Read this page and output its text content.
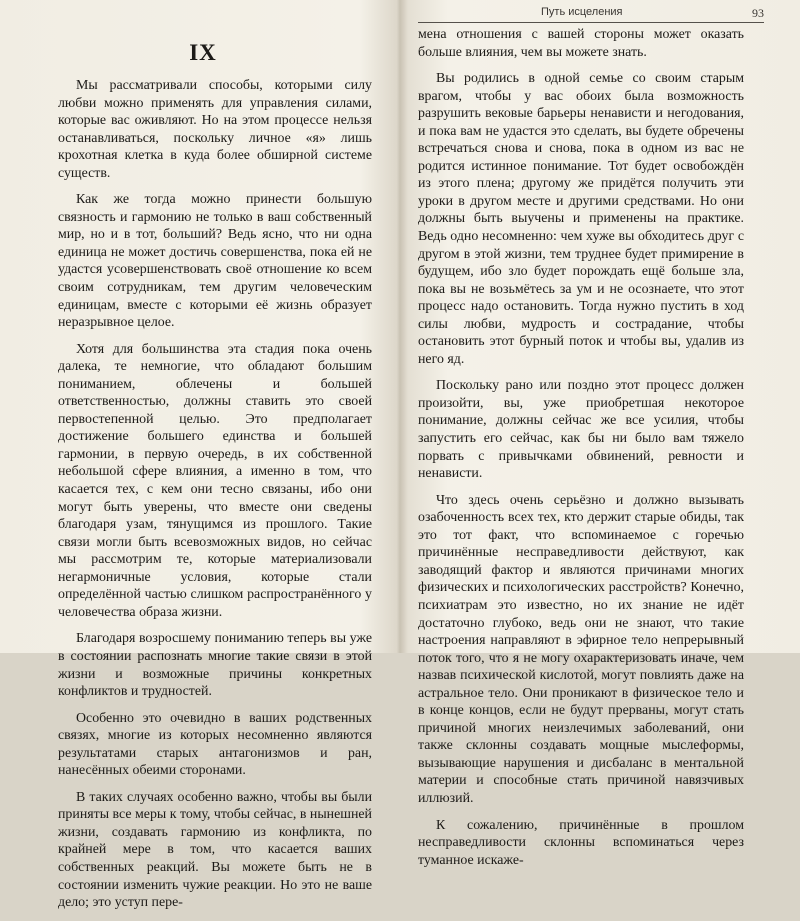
IX

Мы рассматривали способы, которыми силу любви можно применять для управления силами, которые вас оживляют. Но на этом процессе нельзя останавливаться, поскольку личное «я» лишь крохотная клетка в куда более обширной системе существ.

Как же тогда можно принести большую связность и гармонию не только в ваш собственный мир, но и в тот, больший? Ведь ясно, что ни одна единица не может достичь совершенства, пока ей не удастся усовершенствовать своё отношение ко всем своим сотрудникам, тем другим человеческим единицам, вместе с которыми её жизнь образует неразрывное целое.

Хотя для большинства эта стадия пока очень далека, те немногие, что обладают большим пониманием, облечены и большей ответственностью, должны ставить это своей первостепенной целью. Это предполагает достижение большего единства и большей гармонии, в первую очередь, в их собственной небольшой сфере влияния, а именно в том, что касается тех, с кем они тесно связаны, ибо они могут быть уверены, что вместе они сведены благодаря узам, тянущимся из прошлого. Такие связи могли быть всевозможных видов, но сейчас мы рассмотрим те, которые материализовали негармоничные условия, которые стали определённой частью слишком распространённого у человечества образа жизни.

Благодаря возросшему пониманию теперь вы уже в состоянии распознать многие такие связи в этой жизни и возможные причины конкретных конфликтов и трудностей.

Особенно это очевидно в ваших родственных связях, многие из которых несомненно являются результатами старых антагонизмов и ран, нанесённых обеими сторонами.

В таких случаях особенно важно, чтобы вы были приняты все меры к тому, чтобы сейчас, в нынешней жизни, создавать гармонию из конфликта, по крайней мере в том, что касается ваших собственных реакций. Вы можете быть не в состоянии изменить чужие реакции. Но это не ваше дело; это уступ пере-

Путь исцеления	93

мена отношения с вашей стороны может оказать больше влияния, чем вы можете знать.

Вы родились в одной семье со своим старым врагом, чтобы у вас обоих была возможность разрушить вековые барьеры ненависти и негодования, и пока вам не удастся это сделать, вы будете обречены встречаться снова и снова, пока в одном из вас не родится истинное понимание. Тот будет освобождён из этого плена; другому же придётся получить эти уроки в другом месте и другими средствами. Но они должны быть выучены и применены на практике. Ведь одно несомненно: чем хуже вы обходитесь друг с другом в этой жизни, тем труднее будет примирение в будущем, ибо зло будет порождать ещё больше зла, пока вы не возьмётесь за ум и не осознаете, что этот процесс надо остановить. Тогда нужно пустить в ход силы любви, мудрость и сострадание, чтобы остановить этот бурный поток и чтобы вы, удалив из него яд.

Поскольку рано или поздно этот процесс должен произойти, вы, уже приобретшая некоторое понимание, должны сейчас же все усилия, чтобы запустить его сейчас, как бы ни было вам тяжело порвать с привычками обвинений, ревности и ненависти.

Что здесь очень серьёзно и должно вызывать озабоченность всех тех, кто держит старые обиды, так это тот факт, что вспоминаемое с горечью причинённые несправедливости действуют, как заводящий фактор и являются причинами многих физических и психологических расстройств? Конечно, психиатрам это известно, но их знание не идёт достаточно глубоко, ведь они не знают, что такие настроения направляют в эфирное тело непрерывный поток того, что я не могу охарактеризовать иначе, чем назвав психической кислотой, могут повлиять даже на астральное тело. Они проникают в физическое тело и в конце концов, если не будут прерваны, могут стать причиной многих неизлечимых заболеваний, они также склонны создавать мощные мыслеформы, вызывающие нарушения и дисбаланс в ментальной материи и способные стать причиной навязчивых иллюзий.

К сожалению, причинённые в прошлом несправедливости склонны вспоминаться через туманное искаже-
